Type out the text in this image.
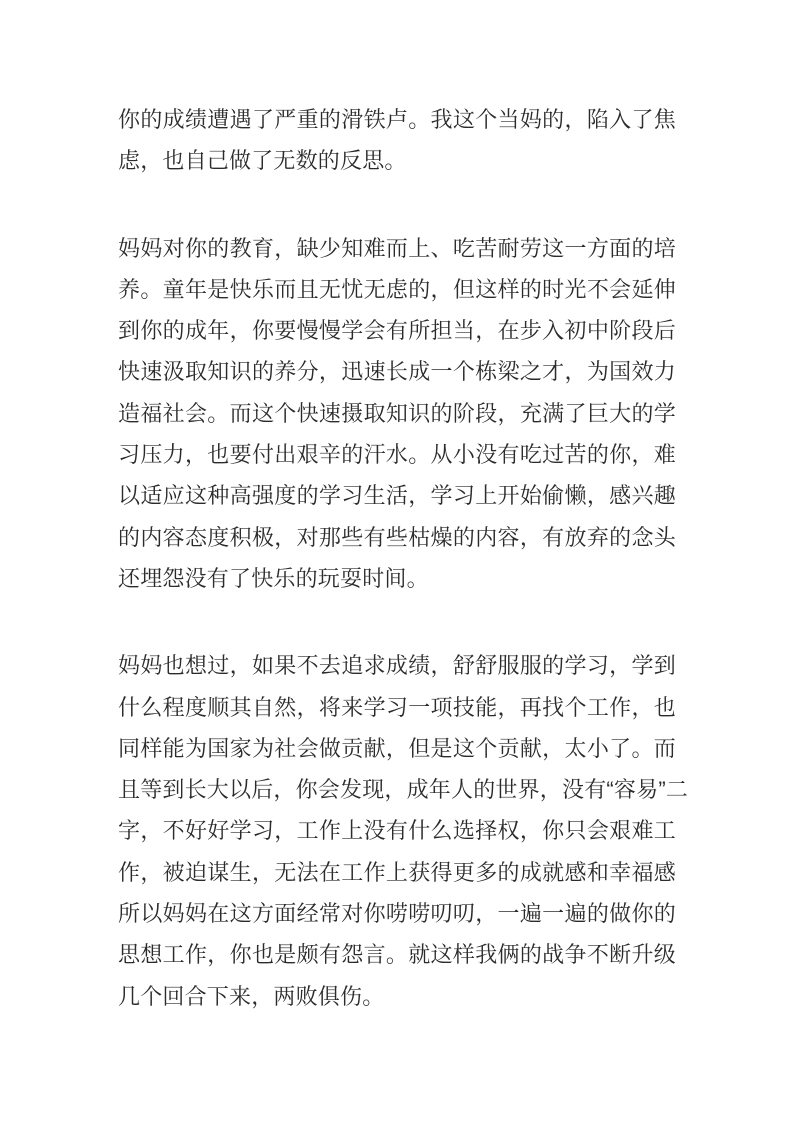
你的成绩遭遇了严重的滑铁卢。我这个当妈的，陷入了焦
虑，也自己做了无数的反思。
妈妈对你的教育，缺少知难而上、吃苦耐劳这一方面的培
养。童年是快乐而且无忧无虑的，但这样的时光不会延伸
到你的成年，你要慢慢学会有所担当，在步入初中阶段后
快速汲取知识的养分，迅速长成一个栋梁之才，为国效力
造福社会。而这个快速摄取知识的阶段，充满了巨大的学
习压力，也要付出艰辛的汗水。从小没有吃过苦的你，难
以适应这种高强度的学习生活，学习上开始偷懒，感兴趣
的内容态度积极，对那些有些枯燥的内容，有放弃的念头
还埋怨没有了快乐的玩耍时间。
妈妈也想过，如果不去追求成绩，舒舒服服的学习，学到
什么程度顺其自然，将来学习一项技能，再找个工作，也
同样能为国家为社会做贡献，但是这个贡献，太小了。而
且等到长大以后，你会发现，成年人的世界，没有“容易”二
字，不好好学习，工作上没有什么选择权，你只会艰难工
作，被迫谋生，无法在工作上获得更多的成就感和幸福感
所以妈妈在这方面经常对你唠唠叨叨，一遍一遍的做你的
思想工作，你也是颇有怨言。就这样我俩的战争不断升级
几个回合下来，两败俱伤。
